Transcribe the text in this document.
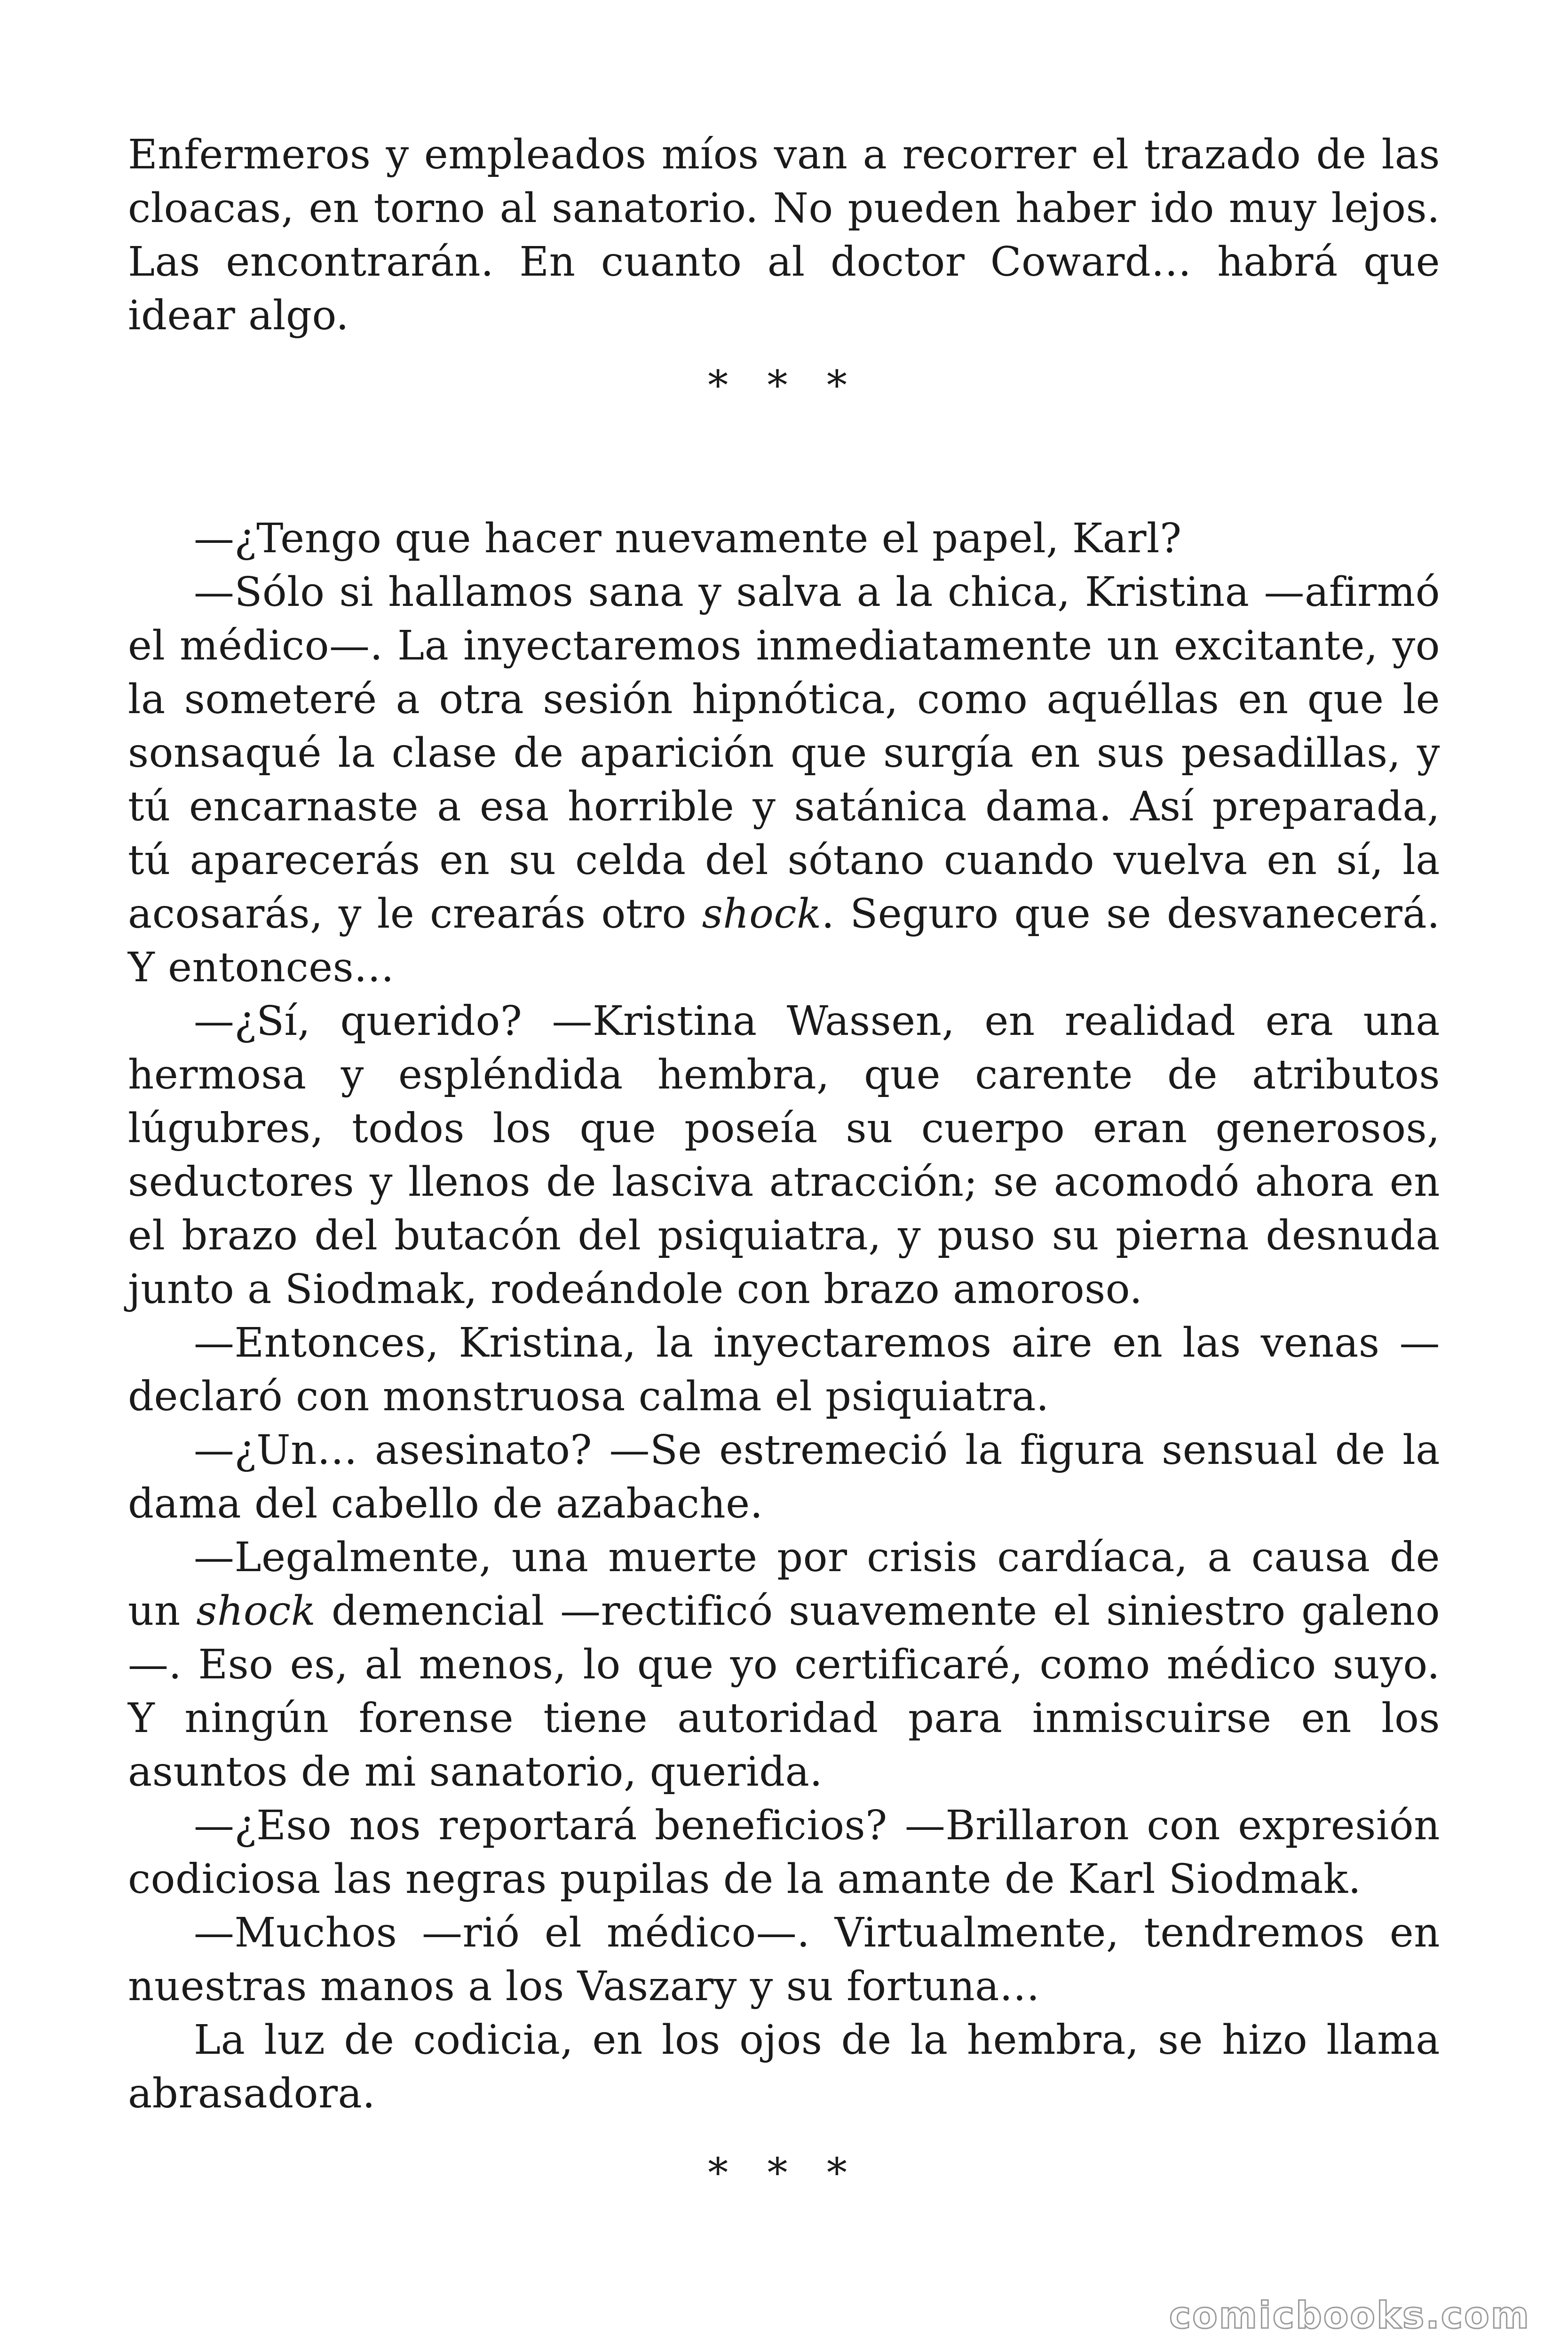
Enfermeros y empleados míos van a recorrer el trazado de las cloacas, en torno al sanatorio. No pueden haber ido muy lejos. Las encontrarán. En cuanto al doctor Coward… habrá que idear algo.

* * *

—¿Tengo que hacer nuevamente el papel, Karl?

—Sólo si hallamos sana y salva a la chica, Kristina —afirmó el médico—. La inyectaremos inmediatamente un excitante, yo la someteré a otra sesión hipnótica, como aquéllas en que le sonsaqué la clase de aparición que surgía en sus pesadillas, y tú encarnaste a esa horrible y satánica dama. Así preparada, tú aparecerás en su celda del sótano cuando vuelva en sí, la acosarás, y le crearás otro shock. Seguro que se desvanecerá. Y entonces…

—¿Sí, querido? —Kristina Wassen, en realidad era una hermosa y espléndida hembra, que carente de atributos lúgubres, todos los que poseía su cuerpo eran generosos, seductores y llenos de lasciva atracción; se acomodó ahora en el brazo del butacón del psiquiatra, y puso su pierna desnuda junto a Siodmak, rodeándole con brazo amoroso.

—Entonces, Kristina, la inyectaremos aire en las venas —declaró con monstruosa calma el psiquiatra.

—¿Un… asesinato? —Se estremeció la figura sensual de la dama del cabello de azabache.

—Legalmente, una muerte por crisis cardíaca, a causa de un shock demencial —rectificó suavemente el siniestro galeno—. Eso es, al menos, lo que yo certificaré, como médico suyo. Y ningún forense tiene autoridad para inmiscuirse en los asuntos de mi sanatorio, querida.

—¿Eso nos reportará beneficios? —Brillaron con expresión codiciosa las negras pupilas de la amante de Karl Siodmak.

—Muchos —rió el médico—. Virtualmente, tendremos en nuestras manos a los Vaszary y su fortuna…

La luz de codicia, en los ojos de la hembra, se hizo llama abrasadora.

* * *
comicbooks.com
